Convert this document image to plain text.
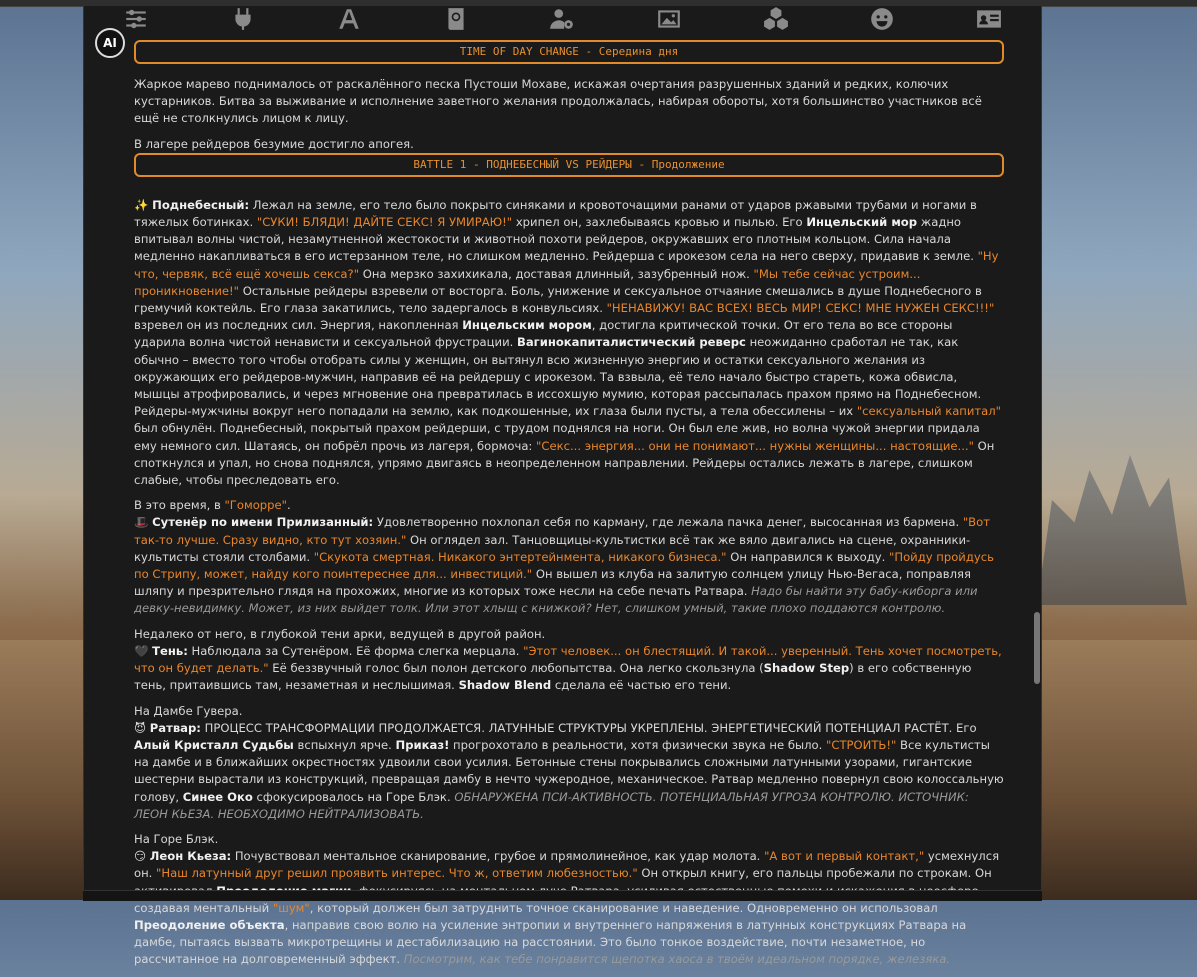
AI
TIME OF DAY CHANGE - Середина дня

Жаркое марево поднималось от раскалённого песка Пустоши Мохаве, искажая очертания разрушенных зданий и редких, колючих кустарников. Битва за выживание и исполнение заветного желания продолжалась, набирая обороты, хотя большинство участников всё ещё не столкнулись лицом к лицу.

В лагере рейдеров безумие достигло апогея.

BATTLE 1 - ПОДНЕБЕСНЫЙ VS РЕЙДЕРЫ - Продолжение

✨ Поднебесный: Лежал на земле, его тело было покрыто синяками и кровоточащими ранами от ударов ржавыми трубами и ногами в тяжелых ботинках. "СУКИ! БЛЯДИ! ДАЙТЕ СЕКС! Я УМИРАЮ!" хрипел он, захлебываясь кровью и пылью. Его Инцельский мор жадно впитывал волны чистой, незамутненной жестокости и животной похоти рейдеров, окружавших его плотным кольцом. Сила начала медленно накапливаться в его истерзанном теле, но слишком медленно. Рейдерша с ирокезом села на него сверху, придавив к земле. "Ну что, червяк, всё ещё хочешь секса?" Она мерзко захихикала, доставая длинный, зазубренный нож. "Мы тебе сейчас устроим... проникновение!" Остальные рейдеры взревели от восторга. Боль, унижение и сексуальное отчаяние смешались в душе Поднебесного в гремучий коктейль. Его глаза закатились, тело задергалось в конвульсиях. "НЕНАВИЖУ! ВАС ВСЕХ! ВЕСЬ МИР! СЕКС! МНЕ НУЖЕН СЕКС!!!" взревел он из последних сил. Энергия, накопленная Инцельским мором, достигла критической точки. От его тела во все стороны ударила волна чистой ненависти и сексуальной фрустрации. Вагинокапиталистический реверс неожиданно сработал не так, как обычно – вместо того чтобы отобрать силы у женщин, он вытянул всю жизненную энергию и остатки сексуального желания из окружающих его рейдеров-мужчин, направив её на рейдершу с ирокезом. Та взвыла, её тело начало быстро стареть, кожа обвисла, мышцы атрофировались, и через мгновение она превратилась в иссохшую мумию, которая рассыпалась прахом прямо на Поднебесном. Рейдеры-мужчины вокруг него попадали на землю, как подкошенные, их глаза были пусты, а тела обессилены – их "сексуальный капитал" был обнулён. Поднебесный, покрытый прахом рейдерши, с трудом поднялся на ноги. Он был еле жив, но волна чужой энергии придала ему немного сил. Шатаясь, он побрёл прочь из лагеря, бормоча: "Секс... энергия... они не понимают... нужны женщины... настоящие..." Он споткнулся и упал, но снова поднялся, упрямо двигаясь в неопределенном направлении. Рейдеры остались лежать в лагере, слишком слабые, чтобы преследовать его.

В это время, в "Гоморре".
🎩 Сутенёр по имени Прилизанный: Удовлетворенно похлопал себя по карману, где лежала пачка денег, высосанная из бармена. "Вот так-то лучше. Сразу видно, кто тут хозяин." Он оглядел зал. Танцовщицы-культистки всё так же вяло двигались на сцене, охранники-культисты стояли столбами. "Скукота смертная. Никакого энтертейнмента, никакого бизнеса." Он направился к выходу. "Пойду пройдусь по Стрипу, может, найду кого поинтереснее для... инвестиций." Он вышел из клуба на залитую солнцем улицу Нью-Вегаса, поправляя шляпу и презрительно глядя на прохожих, многие из которых тоже несли на себе печать Ратвара. Надо бы найти эту бабу-киборга или девку-невидимку. Может, из них выйдет толк. Или этот хлыщ с книжкой? Нет, слишком умный, такие плохо поддаются контролю.

Недалеко от него, в глубокой тени арки, ведущей в другой район.
🖤 Тень: Наблюдала за Сутенёром. Её форма слегка мерцала. "Этот человек... он блестящий. И такой... уверенный. Тень хочет посмотреть, что он будет делать." Её беззвучный голос был полон детского любопытства. Она легко скользнула (Shadow Step) в его собственную тень, притаившись там, незаметная и неслышимая. Shadow Blend сделала её частью его тени.

На Дамбе Гувера.
😈 Ратвар: ПРОЦЕСС ТРАНСФОРМАЦИИ ПРОДОЛЖАЕТСЯ. ЛАТУННЫЕ СТРУКТУРЫ УКРЕПЛЕНЫ. ЭНЕРГЕТИЧЕСКИЙ ПОТЕНЦИАЛ РАСТЁТ. Его Алый Кристалл Судьбы вспыхнул ярче. Приказ! прогрохотало в реальности, хотя физически звука не было. "СТРОИТЬ!" Все культисты на дамбе и в ближайших окрестностях удвоили свои усилия. Бетонные стены покрывались сложными латунными узорами, гигантские шестерни вырастали из конструкций, превращая дамбу в нечто чужеродное, механическое. Ратвар медленно повернул свою колоссальную голову, Синее Око сфокусировалось на Горе Блэк. ОБНАРУЖЕНА ПСИ-АКТИВНОСТЬ. ПОТЕНЦИАЛЬНАЯ УГРОЗА КОНТРОЛЮ. ИСТОЧНИК: ЛЕОН КЬЕЗА. НЕОБХОДИМО НЕЙТРАЛИЗОВАТЬ.

На Горе Блэк.
😏 Леон Кьеза: Почувствовал ментальное сканирование, грубое и прямолинейное, как удар молота. "А вот и первый контакт," усмехнулся он. "Наш латунный друг решил проявить интерес. Что ж, ответим любезностью." Он открыл книгу, его пальцы пробежали по строкам. Он создавая ментальный "шум", который должен был затруднить точное сканирование и наведение. Одновременно он использовал Преодоление объекта, направив свою волю на усиление энтропии и внутреннего напряжения в латунных конструкциях Ратвара на дамбе, пытаясь вызвать микротрещины и дестабилизацию на расстоянии. Это было тонкое воздействие, почти незаметное, но рассчитанное на долговременный эффект. Посмотрим, как тебе понравится щепотка хаоса в твоём идеальном порядке, железяка.
